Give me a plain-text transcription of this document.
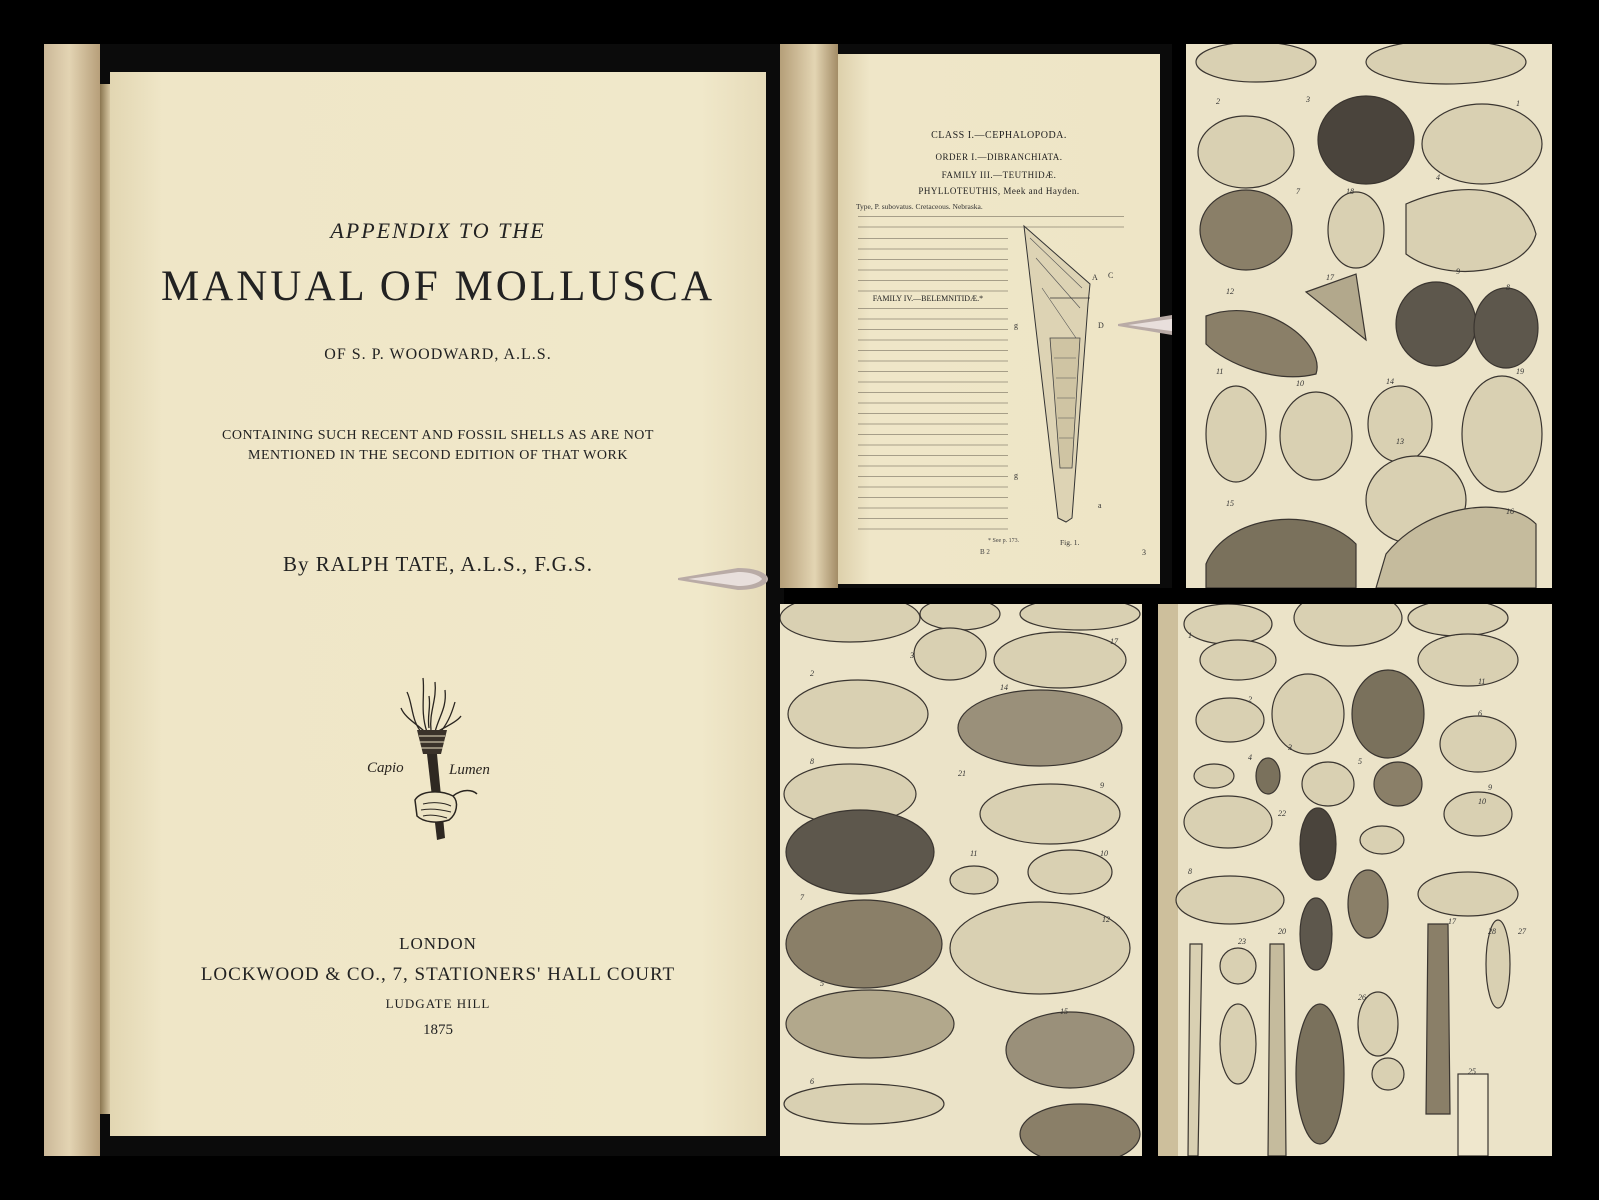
APPENDIX TO THE
MANUAL OF MOLLUSCA
OF S. P. WOODWARD, A.L.S.
CONTAINING SUCH RECENT AND FOSSIL SHELLS AS ARE NOT
MENTIONED IN THE SECOND EDITION OF THAT WORK
By RALPH TATE, A.L.S., F.G.S.
Capio	Lumen
LONDON
LOCKWOOD & CO., 7, STATIONERS' HALL COURT
LUDGATE HILL
1875
CLASS I.—CEPHALOPODA.
ORDER I.—DIBRANCHIATA.
FAMILY III.—TEUTHIDÆ.
PHYLLOTEUTHIS, Meek and Hayden.
Type, P. subovatus. Cretaceous. Nebraska.
FAMILY IV.—BELEMNITIDÆ.*
A C
D
g
g
a
Fig. 1.
* See p. 173.
B 2	3
2	3	1
7	18
4
17
12
9
8
11
10	14
19
13
15
16
3
17
2
14
8
21
9
11	10
7
12
5
15
6
1
2
3
11
4	5
6
9
10
22
8
17
20
23
25
28	27
26
